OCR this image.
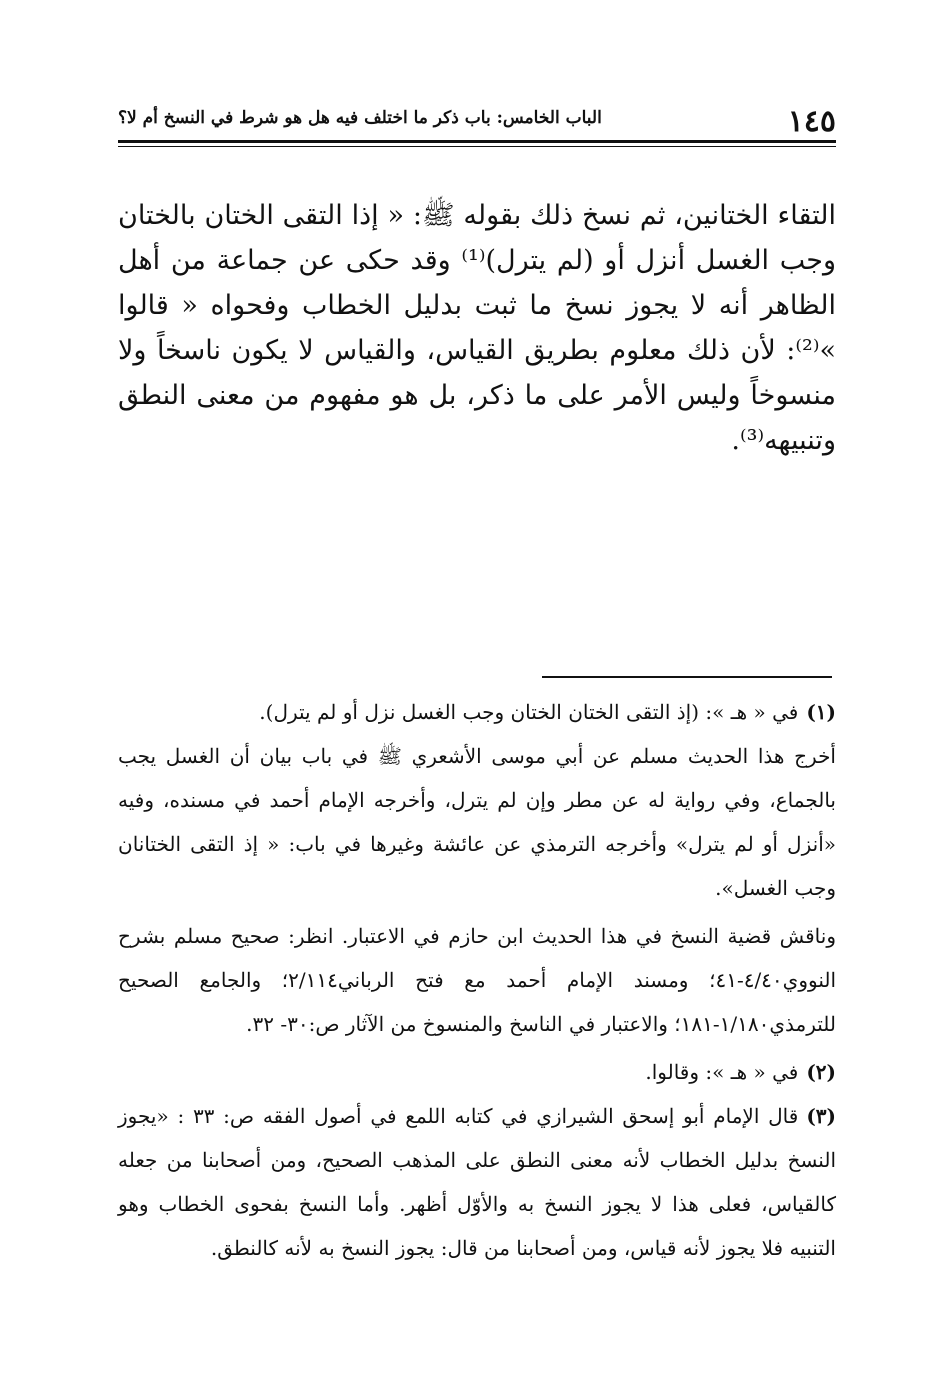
١٤٥
الباب الخامس: باب ذكر ما اختلف فيه هل هو شرط في النسخ أم لا؟

التقاء الختانين، ثم نسخ ذلك بقوله ﷺ: « إذا التقى الختان بالختان وجب الغسل أنزل أو (لم يترل)⁽¹⁾ وقد حكى عن جماعة من أهل الظاهر أنه لا يجوز نسخ ما ثبت بدليل الخطاب وفحواه « قالوا »⁽²⁾: لأن ذلك معلوم بطريق القياس، والقياس لا يكون ناسخاً ولا منسوخاً وليس الأمر على ما ذكر، بل هو مفهوم من معنى النطق وتنبيهه⁽³⁾.

(١)في « هـ »: (إذ التقى الختان الختان وجب الغسل نزل أو لم يترل).

أخرج هذا الحديث مسلم عن أبي موسى الأشعري ﷺ في باب بيان أن الغسل يجب بالجماع، وفي رواية له عن مطر وإن لم يترل، وأخرجه الإمام أحمد في مسنده، وفيه «أنزل أو لم يترل» وأخرجه الترمذي عن عائشة وغيرها في باب: « إذ التقى الختانان وجب الغسل».

وناقش قضية النسخ في هذا الحديث ابن حازم في الاعتبار. انظر: صحيح مسلم بشرح النووي٤/٤٠-٤١؛ ومسند الإمام أحمد مع فتح الرباني٢/١١٤؛ والجامع الصحيح للترمذي١/١٨٠-١٨١؛ والاعتبار في الناسخ والمنسوخ من الآثار ص:٣٠- ٣٢.

(٢)في « هـ »: وقالوا.

(٣)قال الإمام أبو إسحق الشيرازي في كتابه اللمع في أصول الفقه ص: ٣٣ : «يجوز النسخ بدليل الخطاب لأنه معنى النطق على المذهب الصحيح، ومن أصحابنا من جعله كالقياس، فعلى هذا لا يجوز النسخ به والأوّل أظهر. وأما النسخ بفحوى الخطاب وهو التنبيه فلا يجوز لأنه قياس، ومن أصحابنا من قال: يجوز النسخ به لأنه كالنطق.
